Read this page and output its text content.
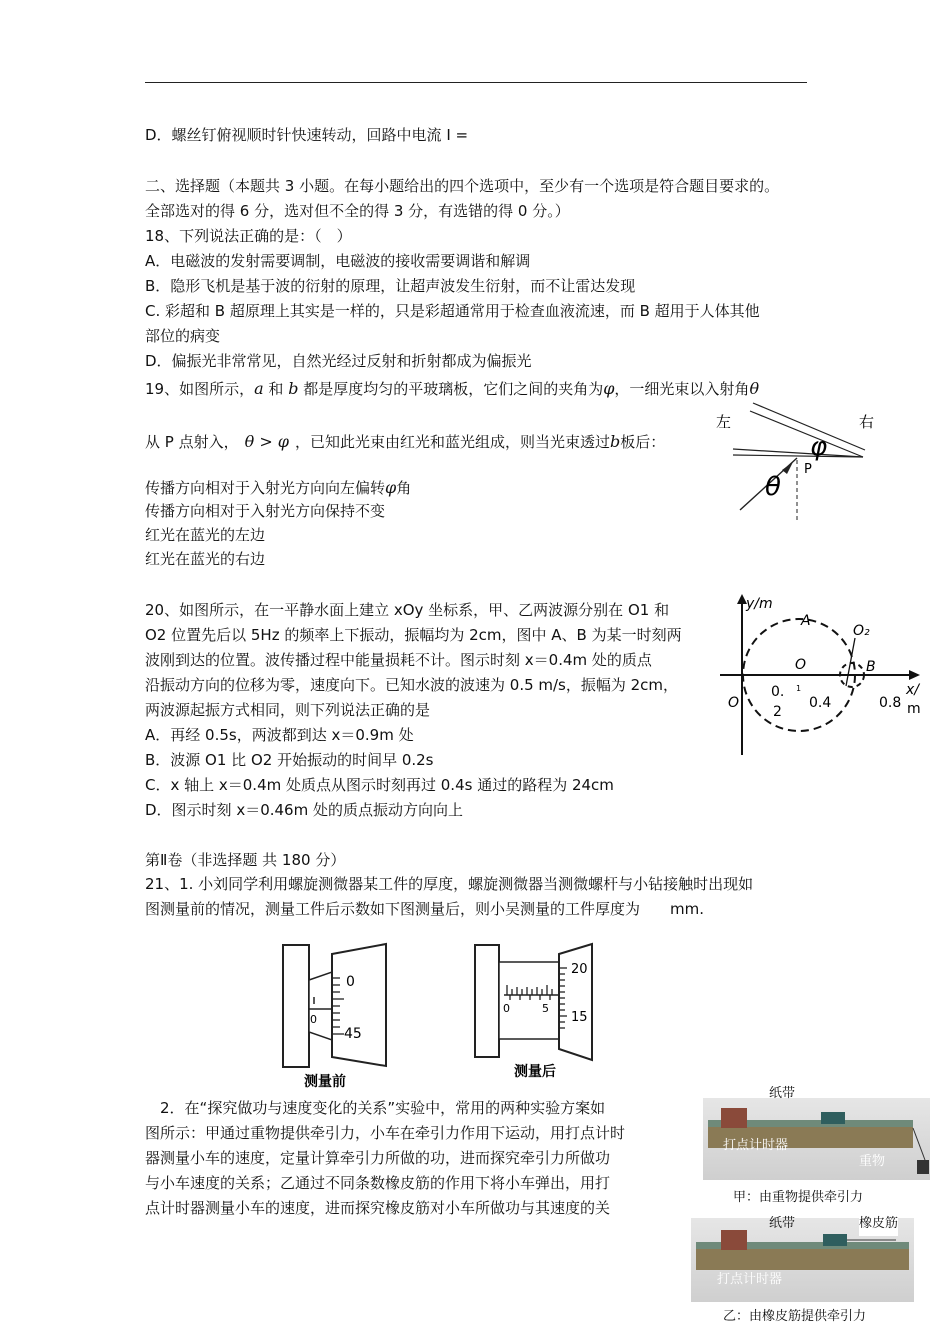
D．螺丝钉俯视顺时针快速转动，回路中电流 I =
二、选择题（本题共 3 小题。在每小题给出的四个选项中，至少有一个选项是符合题目要求的。
全部选对的得 6 分，选对但不全的得 3 分，有选错的得 0 分。）
18、下列说法正确的是：（　）
A．电磁波的发射需要调制，电磁波的接收需要调谐和解调
B．隐形飞机是基于波的衍射的原理，让超声波发生衍射，而不让雷达发现
C. 彩超和 B 超原理上其实是一样的，只是彩超通常用于检查血液流速，而 B 超用于人体其他
部位的病变
D．偏振光非常常见，自然光经过反射和折射都成为偏振光
19、如图所示，a 和 b 都是厚度均匀的平玻璃板，它们之间的夹角为φ，一细光束以入射角θ
从 P 点射入， θ > φ ，已知此光束由红光和蓝光组成，则当光束透过b板后：
传播方向相对于入射光方向向左偏转φ角
传播方向相对于入射光方向保持不变
红光在蓝光的左边
红光在蓝光的右边
左	右
φ
θ
P
20、如图所示，在一平静水面上建立 xOy 坐标系，甲、乙两波源分别在 O1 和
O2 位置先后以 5Hz 的频率上下振动，振幅均为 2cm，图中 A、B 为某一时刻两
波刚到达的位置。波传播过程中能量损耗不计。图示时刻 x＝0.4m 处的质点
沿振动方向的位移为零，速度向下。已知水波的波速为 0.5 m/s，振幅为 2cm，
两波源起振方式相同，则下列说法正确的是
A．再经 0.5s，两波都到达 x＝0.9m 处
B．波源 O1 比 O2 开始振动的时间早 0.2s
C．x 轴上 x＝0.4m 处质点从图示时刻再过 0.4s 通过的路程为 24cm
D．图示时刻 x＝0.46m 处的质点振动方向向上
y/m
A
O₂
O	B
O
0.
2
1
0.4	0.8
x/
m
第Ⅱ卷（非选择题 共 180 分）
21、1. 小刘同学利用螺旋测微器某工件的厚度，螺旋测微器当测微螺杆与小钻接触时出现如
图测量前的情况，测量工件后示数如下图测量后，则小吴测量的工件厚度为 mm.
0
45
0
测量前
20
15
0	5
测量后
2．在“探究做功与速度变化的关系”实验中，常用的两种实验方案如
图所示：甲通过重物提供牵引力，小车在牵引力作用下运动，用打点计时
器测量小车的速度，定量计算牵引力所做的功，进而探究牵引力所做功
与小车速度的关系；乙通过不同条数橡皮筋的作用下将小车弹出，用打
点计时器测量小车的速度，进而探究橡皮筋对小车所做功与其速度的关
纸带
打点计时器
重物
甲：由重物提供牵引力
纸带	橡皮筋
打点计时器
乙：由橡皮筋提供牵引力
